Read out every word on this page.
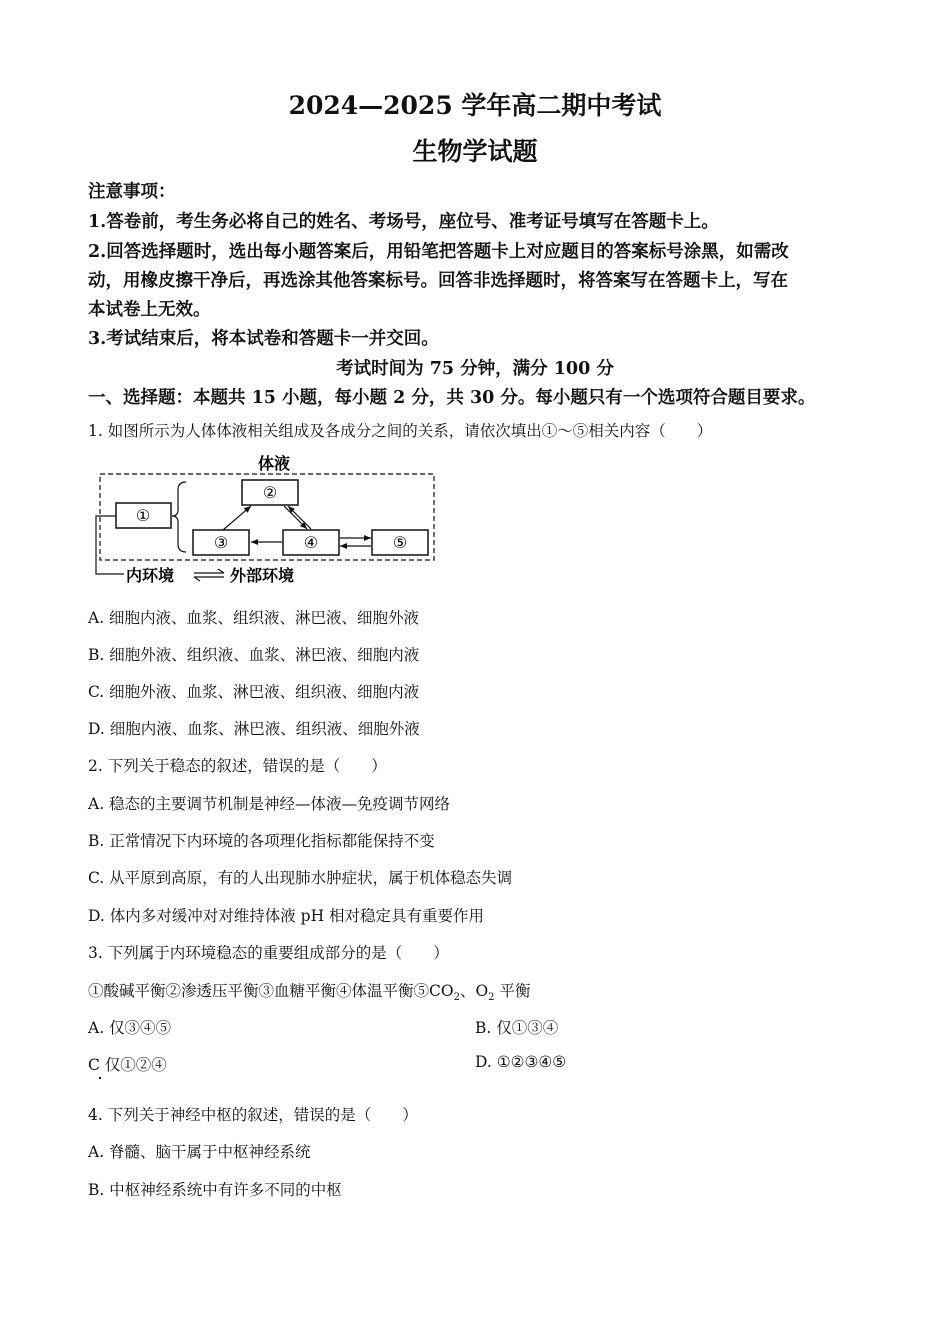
2024—2025 学年高二期中考试
生物学试题
注意事项：
1.答卷前，考生务必将自己的姓名、考场号，座位号、准考证号填写在答题卡上。
2.回答选择题时，选出每小题答案后，用铅笔把答题卡上对应题目的答案标号涂黑，如需改
动，用橡皮擦干净后，再选涂其他答案标号。回答非选择题时，将答案写在答题卡上，写在
本试卷上无效。
3.考试结束后，将本试卷和答题卡一并交回。
考试时间为 75 分钟，满分 100 分
一、选择题：本题共 15 小题，每小题 2 分，共 30 分。每小题只有一个选项符合题目要求。
1. 如图所示为人体体液相关组成及各成分之间的关系，请依次填出①～⑤相关内容（　　）
体液
①
②
③	④	⑤
内环境	外部环境
A. 细胞内液、血浆、组织液、淋巴液、细胞外液
B. 细胞外液、组织液、血浆、淋巴液、细胞内液
C. 细胞外液、血浆、淋巴液、组织液、细胞内液
D. 细胞内液、血浆、淋巴液、组织液、细胞外液
2. 下列关于稳态的叙述，错误的是（　　）
A. 稳态的主要调节机制是神经—体液—免疫调节网络
B. 正常情况下内环境的各项理化指标都能保持不变
C. 从平原到高原，有的人出现肺水肿症状，属于机体稳态失调
D. 体内多对缓冲对对维持体液 pH 相对稳定具有重要作用
3. 下列属于内环境稳态的重要组成部分的是（　　）
①酸碱平衡②渗透压平衡③血糖平衡④体温平衡$⑤CO_2$、$O_2$ 平衡
A. 仅③④⑤	B. 仅①③④
C 仅①②④	D. ①②③④⑤
4. 下列关于神经中枢的叙述，错误的是（　　）
A. 脊髓、脑干属于中枢神经系统
B. 中枢神经系统中有许多不同的中枢
